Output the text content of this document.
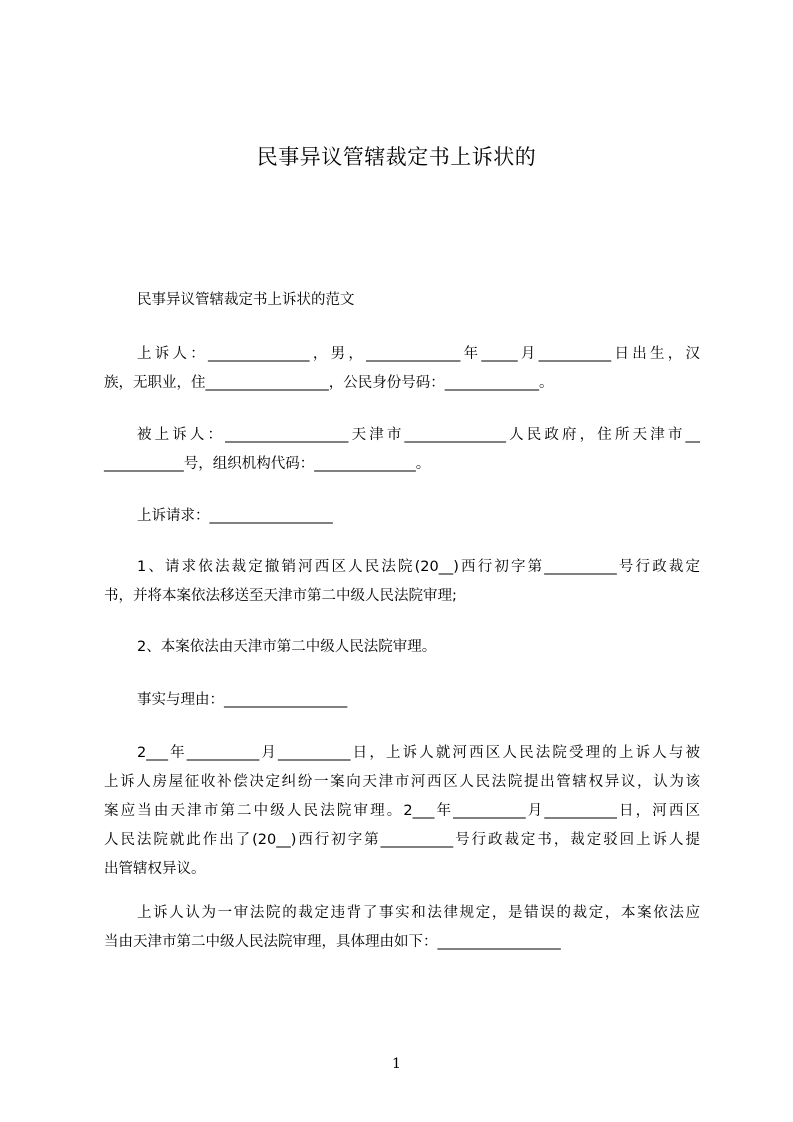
民事异议管辖裁定书上诉状的
民事异议管辖裁定书上诉状的范文
上诉人：______________，男，_____________年_____月__________日出生，汉
族，无职业，住_________________，公民身份号码：_____________。
被上诉人：_________________天津市______________人民政府，住所天津市__
___________号，组织机构代码：______________。
上诉请求：_________________
1、请求依法裁定撤销河西区人民法院(20__)西行初字第__________号行政裁定
书，并将本案依法移送至天津市第二中级人民法院审理;
2、本案依法由天津市第二中级人民法院审理。
事实与理由：_________________
2___年__________月__________日，上诉人就河西区人民法院受理的上诉人与被
上诉人房屋征收补偿决定纠纷一案向天津市河西区人民法院提出管辖权异议，认为该
案应当由天津市第二中级人民法院审理。2___年__________月__________日，河西区
人民法院就此作出了(20__)西行初字第__________号行政裁定书，裁定驳回上诉人提
出管辖权异议。
上诉人认为一审法院的裁定违背了事实和法律规定，是错误的裁定，本案依法应
当由天津市第二中级人民法院审理，具体理由如下：_________________
1
